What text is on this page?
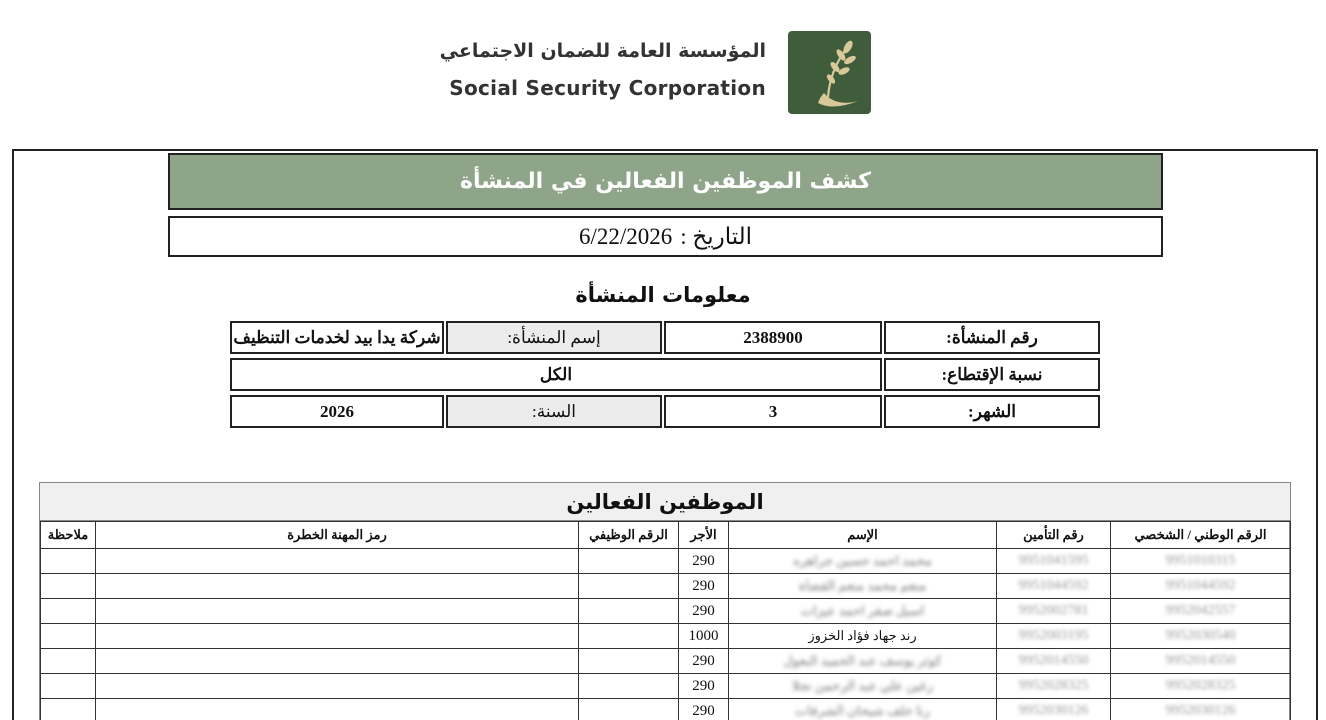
المؤسسة العامة للضمان الاجتماعي
Social Security Corporation
كشف الموظفين الفعالين في المنشأة
التاريخ :
6/22/2026
معلومات المنشأة
رقم المنشأة:
2388900
إسم المنشأة:
شركة يدا بيد لخدمات التنظيف
نسبة الإقتطاع:
الكل
الشهر:
3
السنة:
2026
الموظفين الفعالين
الرقم الوطني / الشخصي	رقم التأمين	الإسم	الأجر	الرقم الوظيفي	رمز المهنة الخطرة	ملاحظة
9951010315	9951041595	محمد احمد حسين جراهره	290			
9951044592	9951044592	منعم محمد منعم القضاة	290			
9952042557	9952002781	اسيل صقر احمد عيزات	290			
9952030540	9952003195	رند جهاد فؤاد الخزوز	1000			
9952014550	9952014550	كوثر يوسف عبد الحميد البعول	290			
9952028325	9952028325	رغين علي عبد الرحمن نجلا	290			
9952030126	9952030126	رنا خلف شيحان الشرفات	290			
